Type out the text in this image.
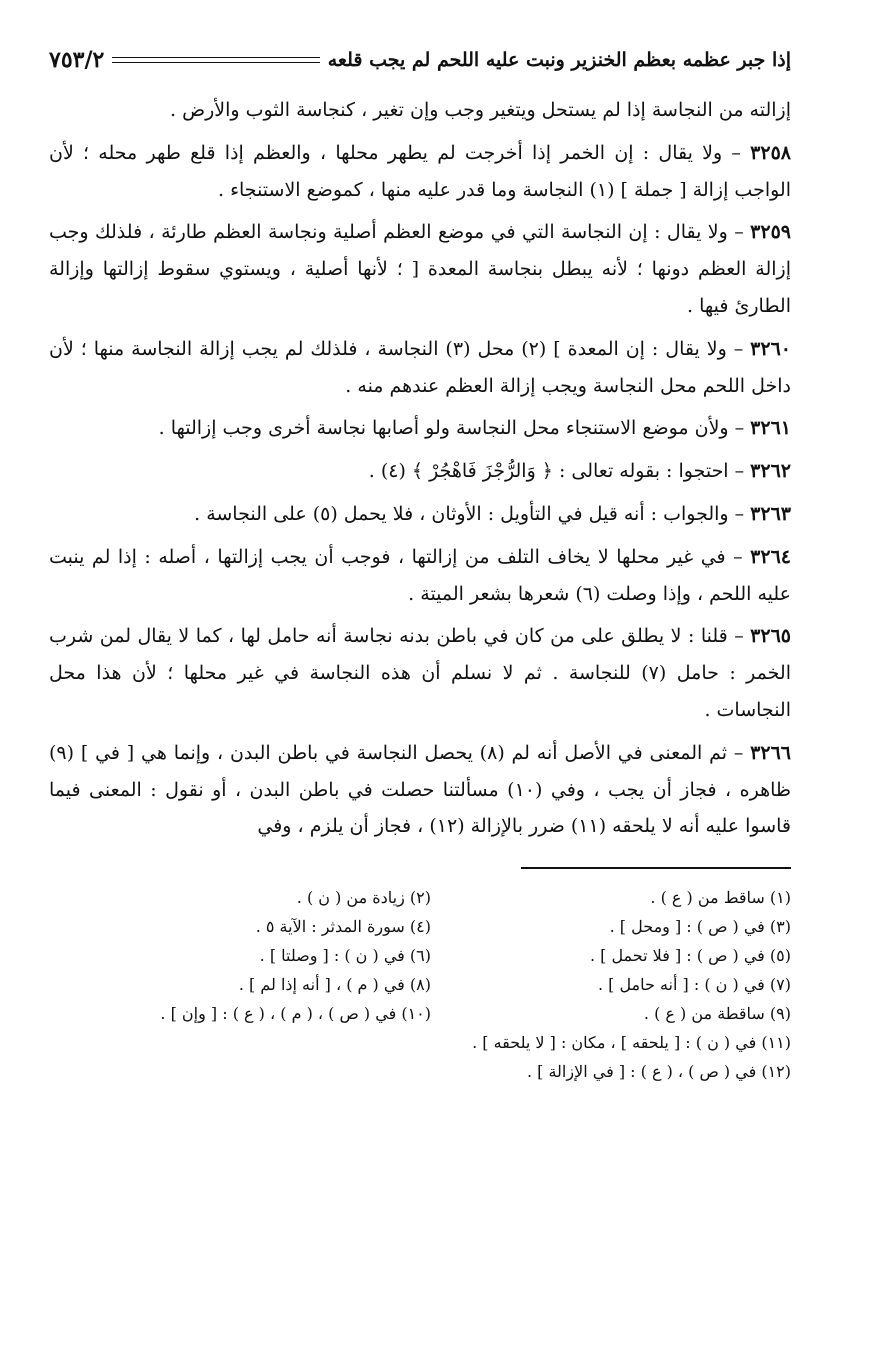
إذا جبر عظمه بعظم الخنزير ونبت عليه اللحم لم يجب قلعه
٧٥٣/٢
إزالته من النجاسة إذا لم يستحل ويتغير وجب وإن تغير ، كنجاسة الثوب والأرض .
٣٢٥٨ – ولا يقال : إن الخمر إذا أخرجت لم يطهر محلها ، والعظم إذا قلع طهر محله ؛ لأن الواجب إزالة [ جملة ] (١) النجاسة وما قدر عليه منها ، كموضع الاستنجاء .
٣٢٥٩ – ولا يقال : إن النجاسة التي في موضع العظم أصلية ونجاسة العظم طارئة ، فلذلك وجب إزالة العظم دونها ؛ لأنه يبطل بنجاسة المعدة [ ؛ لأنها أصلية ، ويستوي سقوط إزالتها وإزالة الطارئ فيها .
٣٢٦٠ – ولا يقال : إن المعدة ] (٢) محل (٣) النجاسة ، فلذلك لم يجب إزالة النجاسة منها ؛ لأن داخل اللحم محل النجاسة ويجب إزالة العظم عندهم منه .
٣٢٦١ – ولأن موضع الاستنجاء محل النجاسة ولو أصابها نجاسة أخرى وجب إزالتها .
٣٢٦٢ – احتجوا : بقوله تعالى : ﴿ وَالرُّجْزَ فَاهْجُرْ ﴾ (٤) .
٣٢٦٣ – والجواب : أنه قيل في التأويل : الأوثان ، فلا يحمل (٥) على النجاسة .
٣٢٦٤ – في غير محلها لا يخاف التلف من إزالتها ، فوجب أن يجب إزالتها ، أصله : إذا لم ينبت عليه اللحم ، وإذا وصلت (٦) شعرها بشعر الميتة .
٣٢٦٥ – قلنا : لا يطلق على من كان في باطن بدنه نجاسة أنه حامل لها ، كما لا يقال لمن شرب الخمر : حامل (٧) للنجاسة . ثم لا نسلم أن هذه النجاسة في غير محلها ؛ لأن هذا محل النجاسات .
٣٢٦٦ – ثم المعنى في الأصل أنه لم (٨) يحصل النجاسة في باطن البدن ، وإنما هي [ في ] (٩) ظاهره ، فجاز أن يجب ، وفي (١٠) مسألتنا حصلت في باطن البدن ، أو نقول : المعنى فيما قاسوا عليه أنه لا يلحقه (١١) ضرر بالإزالة (١٢) ، فجاز أن يلزم ، وفي
(١) ساقط من ( ع ) .
(٢) زيادة من ( ن ) .
(٣) في ( ص ) : [ ومحل ] .
(٤) سورة المدثر : الآية ٥ .
(٥) في ( ص ) : [ فلا تحمل ] .
(٦) في ( ن ) : [ وصلتا ] .
(٧) في ( ن ) : [ أنه حامل ] .
(٨) في ( م ) ، [ أنه إذا لم ] .
(٩) ساقطة من ( ع ) .
(١٠) في ( ص ) ، ( م ) ، ( ع ) : [ وإن ] .
(١١) في ( ن ) : [ يلحقه ] ، مكان : [ لا يلحقه ] .
(١٢) في ( ص ) ، ( ع ) : [ في الإزالة ] .
